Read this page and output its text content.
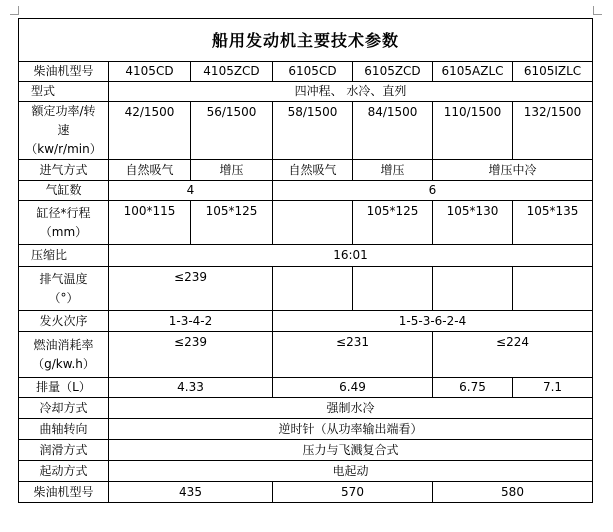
船用发动机主要技术参数						
柴油机型号	4105CD	4105ZCD	6105CD	6105ZCD	6105AZLC	6105IZLC
型式	四冲程、 水冷、直列					

额定功率/转
速
（kw/r/min）	42/1500	56/1500	58/1500	84/1500	110/1500	132/1500
进气方式	自然吸气	增压	自然吸气	增压	增压中冷	
气缸数	4		6			

缸径*行程
（mm）	100*115	105*125		105*125	105*130	105*135
压缩比	16:01					

排气温度
（°）	≤239					
发火次序	1-3-4-2		1-5-3-6-2-4			

燃油消耗率
（g/kw.h）	≤239		≤231		≤224	
排量（L）	4.33		6.49		6.75	7.1
冷却方式	强制水冷					
曲轴转向	逆时针（从功率输出端看）					
润滑方式	压力与飞溅复合式					
起动方式	电起动					
柴油机型号	435		570		580	
